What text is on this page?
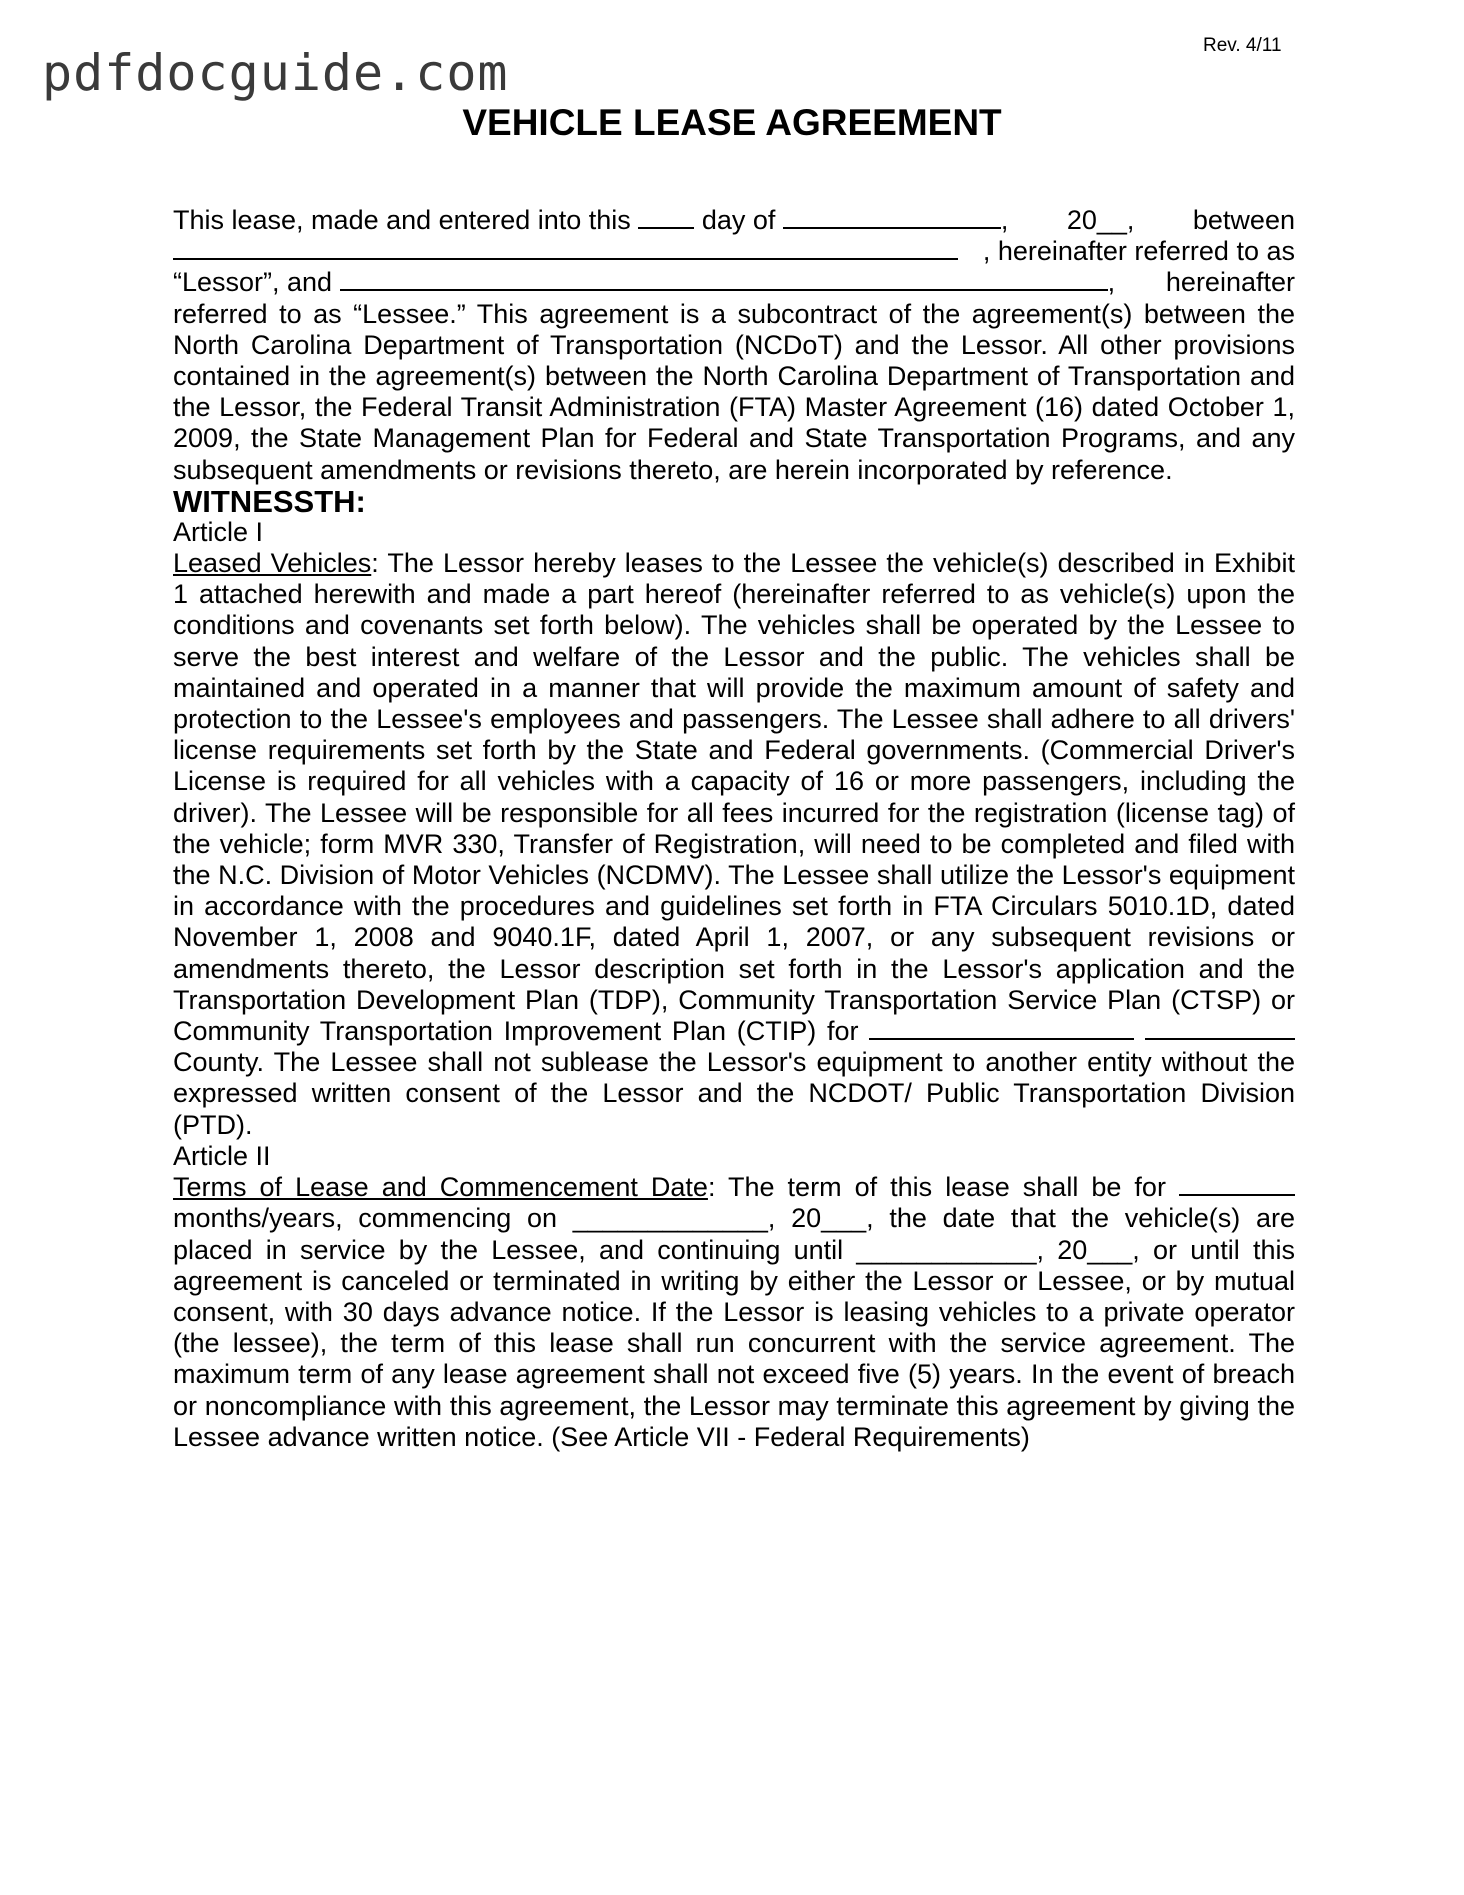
pdfdocguide.com	Rev. 4/11
VEHICLE LEASE AGREEMENT
This lease, made and entered into this	day of	, 20__, between
, hereinafter referred to as
“Lessor”, and	, hereinafter

referred to as “Lessee.” This agreement is a subcontract of the agreement(s) between the North Carolina Department of Transportation (NCDoT) and the Lessor. All other provisions contained in the agreement(s) between the North Carolina Department of Transportation and the Lessor, the Federal Transit Administration (FTA) Master Agreement (16) dated October 1, 2009, the State Management Plan for Federal and State Transportation Programs, and any subsequent amendments or revisions thereto, are herein incorporated by reference.

WITNESSTH:

Article I

Leased Vehicles: The Lessor hereby leases to the Lessee the vehicle(s) described in Exhibit 1 attached herewith and made a part hereof (hereinafter referred to as vehicle(s) upon the conditions and covenants set forth below). The vehicles shall be operated by the Lessee to serve the best interest and welfare of the Lessor and the public. The vehicles shall be maintained and operated in a manner that will provide the maximum amount of safety and protection to the Lessee's employees and passengers. The Lessee shall adhere to all drivers' license requirements set forth by the State and Federal governments. (Commercial Driver's License is required for all vehicles with a capacity of 16 or more passengers, including the driver). The Lessee will be responsible for all fees incurred for the registration (license tag) of the vehicle; form MVR 330, Transfer of Registration, will need to be completed and filed with the N.C. Division of Motor Vehicles (NCDMV). The Lessee shall utilize the Lessor's equipment in accordance with the procedures and guidelines set forth in FTA Circulars 5010.1D, dated November 1, 2008 and 9040.1F, dated April 1, 2007, or any subsequent revisions or amendments thereto, the Lessor description set forth in the Lessor's application and the Transportation Development Plan (TDP), Community Transportation Service Plan (CTSP) or Community Transportation Improvement Plan (CTIP) for   County. The Lessee shall not sublease the Lessor's equipment to another entity without the expressed written consent of the Lessor and the NCDOT/ Public Transportation Division (PTD).

Article II

Terms of Lease and Commencement Date: The term of this lease shall be for  months/years, commencing on _____________, 20___, the date that the vehicle(s) are placed in service by the Lessee, and continuing until ____________, 20___, or until this agreement is canceled or terminated in writing by either the Lessor or Lessee, or by mutual consent, with 30 days advance notice. If the Lessor is leasing vehicles to a private operator (the lessee), the term of this lease shall run concurrent with the service agreement. The maximum term of any lease agreement shall not exceed five (5) years. In the event of breach or noncompliance with this agreement, the Lessor may terminate this agreement by giving the Lessee advance written notice. (See Article VII - Federal Requirements)
